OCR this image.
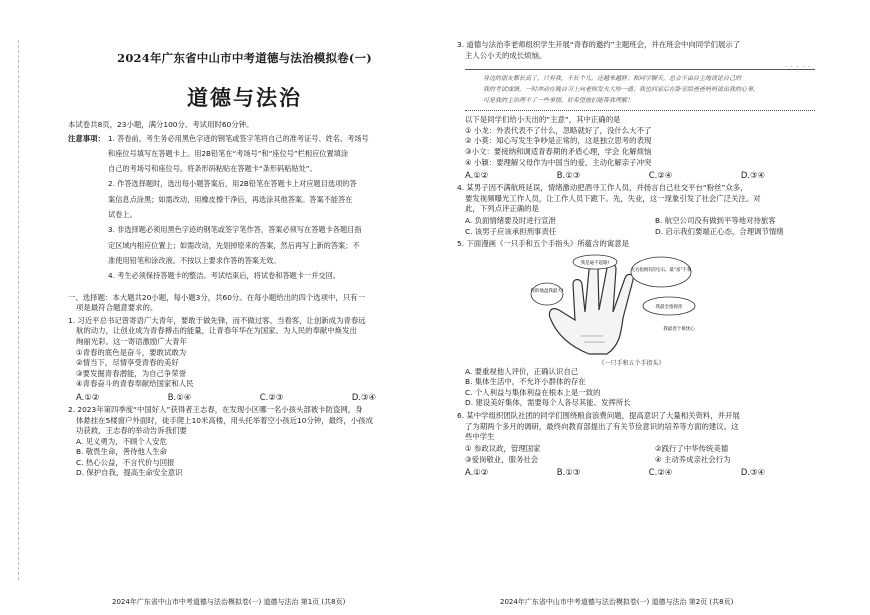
2024年广东省中山市中考道德与法治模拟卷(一)
道德与法治

本试卷共8页，23小题，满分100分。考试用时60分钟。

注意事项： 1. 答卷前，考生务必用黑色字迹的钢笔或签字笔将自己的准考证号、姓名、考场号

和座位号填写在答题卡上。用2B铅笔在“考场号”和“座位号”栏相应位置填涂

自己的考场号和座位号。将条形码粘贴在答题卡“条形码粘贴处”。

2. 作答选择题时，选出每小题答案后，用2B铅笔在答题卡上对应题目选项的答

案信息点涂黑；如需改动，用橡皮擦干净后，再选涂其他答案。答案不能答在

试卷上。

3. 非选择题必须用黑色字迹的钢笔或签字笔作答，答案必须写在答题卡各题目指

定区域内相应位置上；如需改动，先划掉原来的答案，然后再写上新的答案；不

准使用铅笔和涂改液。不按以上要求作答的答案无效。

4. 考生必须保持答题卡的整洁。考试结束后，将试卷和答题卡一并交回。

一、选择题：本大题共20小题，每小题3分，共60分。在每小题给出的四个选项中，只有一

项是最符合题意要求的。

1. 习近平总书记曾寄语广大青年，要敢于做先锋，而不做过客、当看客，让创新成为青春远

航的动力，让创业成为青春搏击的能量，让青春年华在为国家、为人民的奉献中焕发出

绚丽光彩。这一寄语激励广大青年

①青春的底色是奋斗，要敢试敢为

②情当下，尽情享受青春的美好

③要发掘青春潜能，为自己争荣誉

④青春奋斗的青春奉献给国家和人民

A.①②	B.①④	C.②③	D.③④

2. 2023年第四季度“中国好人”获得者王志春，在发现小区哪一名小孩头部被卡防盗网，身

体悬挂在5楼窗户外面时，徒手爬上10米高楼，用头托举着空小孩近10分钟，最终，小孩成

功获救，王志春的举动告诉我们要

A. 见义勇为，不顾个人安危

B. 敬畏生命，善待他人生命

C. 热心公益，不言代价与回报

D. 保护自我，提高生命安全意识

2024年广东省中山市中考道德与法治模拟卷(一) 道德与法治 第1页 (共8页)

3. 道德与法治李老师组织学生开展“青春的邀约”主题班会，并在班会中向同学们展示了

主人公小天的成长烦恼。

· · · · ·

身边的朋友都长高了，只有我，不长个儿，还越来越胖；和同学聊天，总会不由自主地谈论自己的

我的考试成绩，一时冲动在晚自习上向老师发火大吵一通；我也回家后在卧室给爸爸妈妈说出我的心事，

可是我的主治理不了一些事情，好希望他们能帮我理解！

以下是同学们给小天出的“主意”，其中正确的是

① 小龙：外表代表不了什么，忽略就好了，没什么大不了

② 小莫：知心写发生争吵是正常的，这是独立思考的表现

③小文：要接纳和调适青春期的矛盾心理，学会 化解烦恼

④ 小颖：要理解父母作为中国当的爱，主动化解亲子冲突

A.①②	B.①③	C.②④	D.③④

4. 某男子因不满航班延误，情绪激动把酒寻工作人员，并扬言自己社交平台“粉丝”众多，

要发视频曝光工作人员，让工作人员下跪下。先，失业，这一现象引发了社会广泛关注。对

此，下列点评正确的是

A. 负面情绪要及时进行宣泄	B. 航空公司没有做到平等地对待旅客
C. 该男子应该承担刑事责任	D. 启示我们要端正心态，合理调节情绪

5. 下面漫画《一只手和五个手指头》所蕴含的寓意是

你的地盘我最大!
我是毫不起眼!
无名指拥有的宝石，最“富”不我
我最全指挥你
我最善于排忧心
《一只手和五个手指头》

A. 要重视他人评价，正确认识自己

B. 集体生活中，不允许小群体的存在

C. 个人利益与集体利益在根本上是一致的

D. 建设美好集体，需要每个人各尽其能、发挥所长

6. 某中学组织团队社团的同学们围绕粮食浪费问题，提高意识了大量相关资料，并开展

了为期两个多月的调研，最终向教育部提出了有关节俭意识的培养等方面的建议。这

些中学生

① 参政议政，管理国家	②践行了中华传统美德
③爱岗敬业，服务社会	④ 主动养成亲社会行为
A.①②	B.①③	C.②④	D.③④
2024年广东省中山市中考道德与法治模拟卷(一) 道德与法治 第2页 (共8页)
